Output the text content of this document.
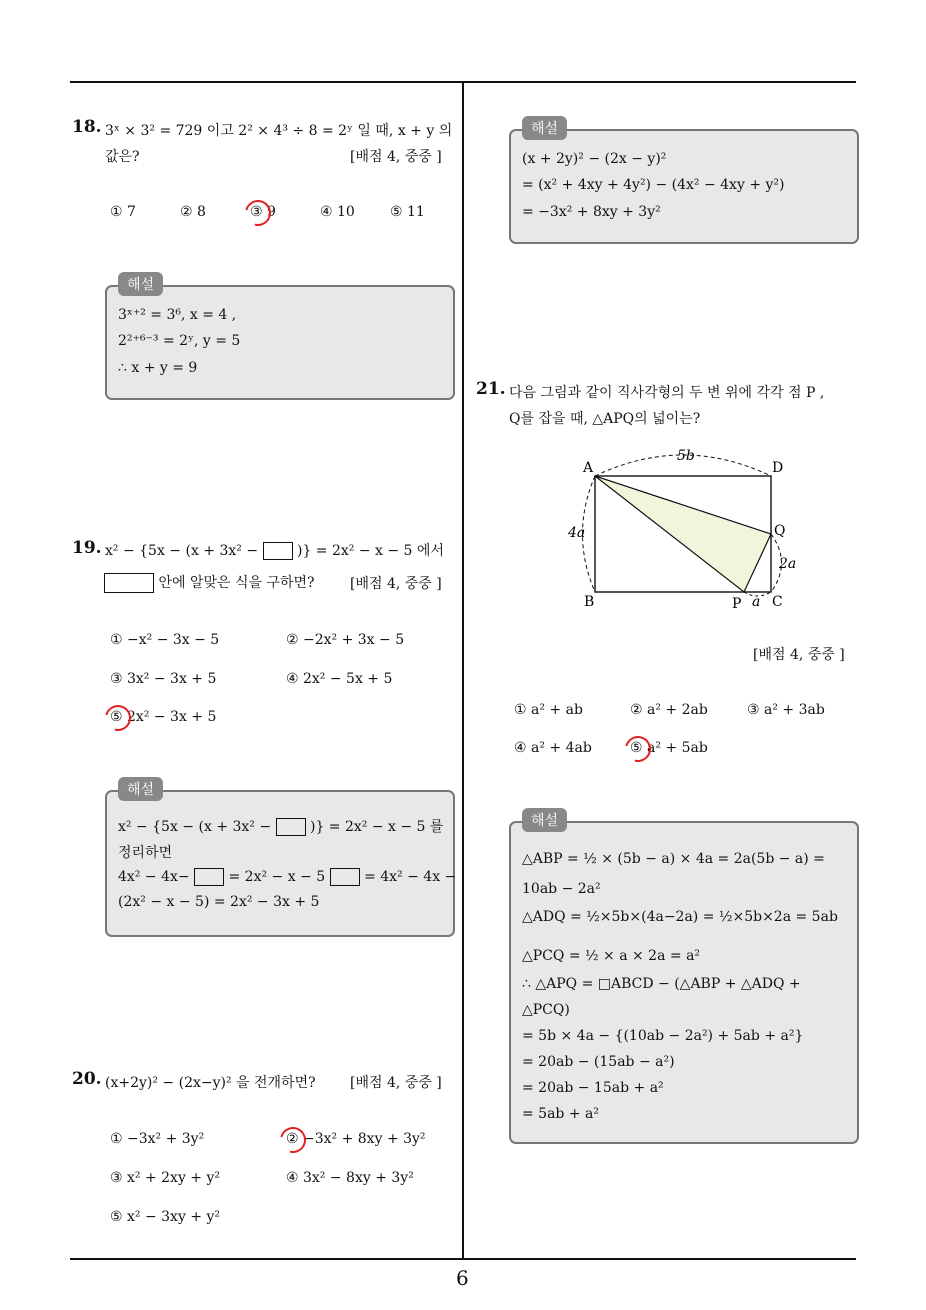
6
18. 3ˣ × 3² = 729 이고 2² × 4³ ÷ 8 = 2ʸ 일 때, x + y 의
값은?	[배점 4, 중중 ]
① 7	② 8	③ 9	④ 10	⑤ 11
3ˣ⁺² = 3⁶, x = 4 ,
2²⁺⁶⁻³ = 2ʸ, y = 5
∴ x + y = 9
해설
19. x² − {5x − (x + 3x² −	)} = 2x² − x − 5 에서
안에 알맞은 식을 구하면?	[배점 4, 중중 ]
① −x² − 3x − 5	② −2x² + 3x − 5
③ 3x² − 3x + 5	④ 2x² − 5x + 5
⑤ 2x² − 3x + 5
x² − {5x − (x + 3x² −	)} = 2x² − x − 5 를
정리하면
4x² − 4x−	= 2x² − x − 5	= 4x² − 4x −
(2x² − x − 5) = 2x² − 3x + 5
해설
20. (x+2y)² − (2x−y)² 을 전개하면? [배점 4, 중중 ]
① −3x² + 3y²	② −3x² + 8xy + 3y²
③ x² + 2xy + y²	④ 3x² − 8xy + 3y²
⑤ x² − 3xy + y²
(x + 2y)² − (2x − y)²
= (x² + 4xy + 4y²) − (4x² − 4xy + y²)
= −3x² + 8xy + 3y²
해설
21. 다음 그림과 같이 직사각형의 두 변 위에 각각 점 P ,
Q를 잡을 때, △APQ의 넓이는?
A	D
B	C
P
Q
5b
4a
2a
a
[배점 4, 중중 ]
① a² + ab	② a² + 2ab	③ a² + 3ab
④ a² + 4ab	⑤ a² + 5ab
△ABP = ½ × (5b − a) × 4a = 2a(5b − a) =
10ab − 2a²
△ADQ = ½×5b×(4a−2a) = ½×5b×2a = 5ab
△PCQ = ½ × a × 2a = a²
∴ △APQ = □ABCD − (△ABP + △ADQ +
△PCQ)
= 5b × 4a − {(10ab − 2a²) + 5ab + a²}
= 20ab − (15ab − a²)
= 20ab − 15ab + a²
= 5ab + a²
해설
